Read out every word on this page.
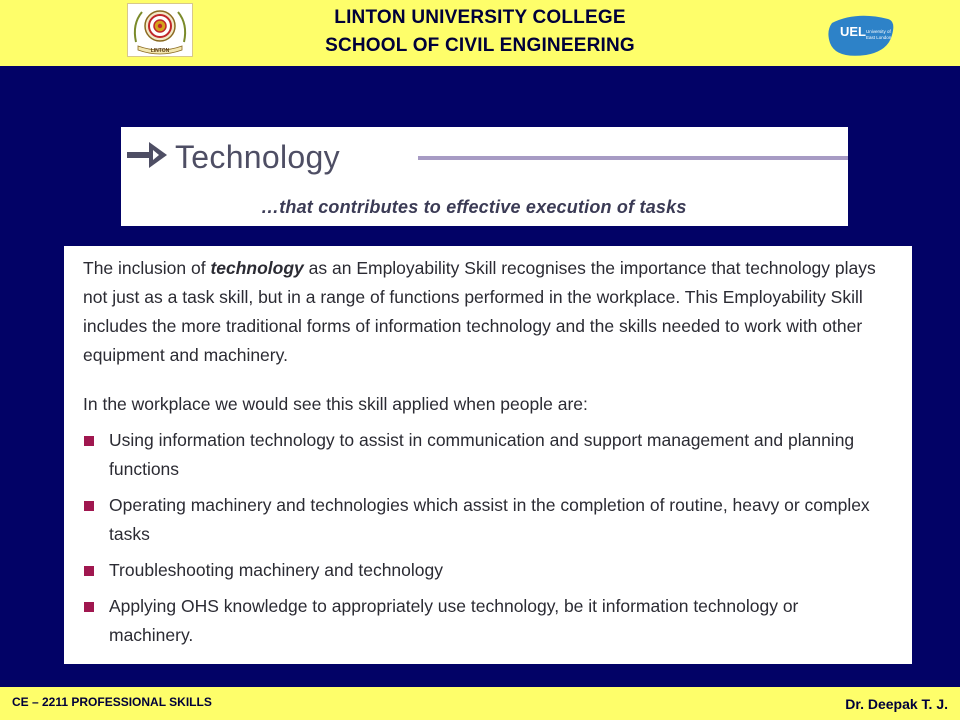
LINTON
LINTON UNIVERSITY COLLEGE
SCHOOL OF CIVIL ENGINEERING
UEL University of
East London
Technology
…that contributes to effective execution of tasks
The inclusion of technology as an Employability Skill recognises the importance that technology plays not just as a task skill, but in a range of functions performed in the workplace. This Employability Skill includes the more traditional forms of information technology and the skills needed to work with other equipment and machinery.
In the workplace we would see this skill applied when people are:
Using information technology to assist in communication and support management and planning functions
Operating machinery and technologies which assist in the completion of routine, heavy or complex tasks
Troubleshooting machinery and technology
Applying OHS knowledge to appropriately use technology, be it information technology or machinery.
CE – 2211 PROFESSIONAL SKILLS	Dr. Deepak T. J.
